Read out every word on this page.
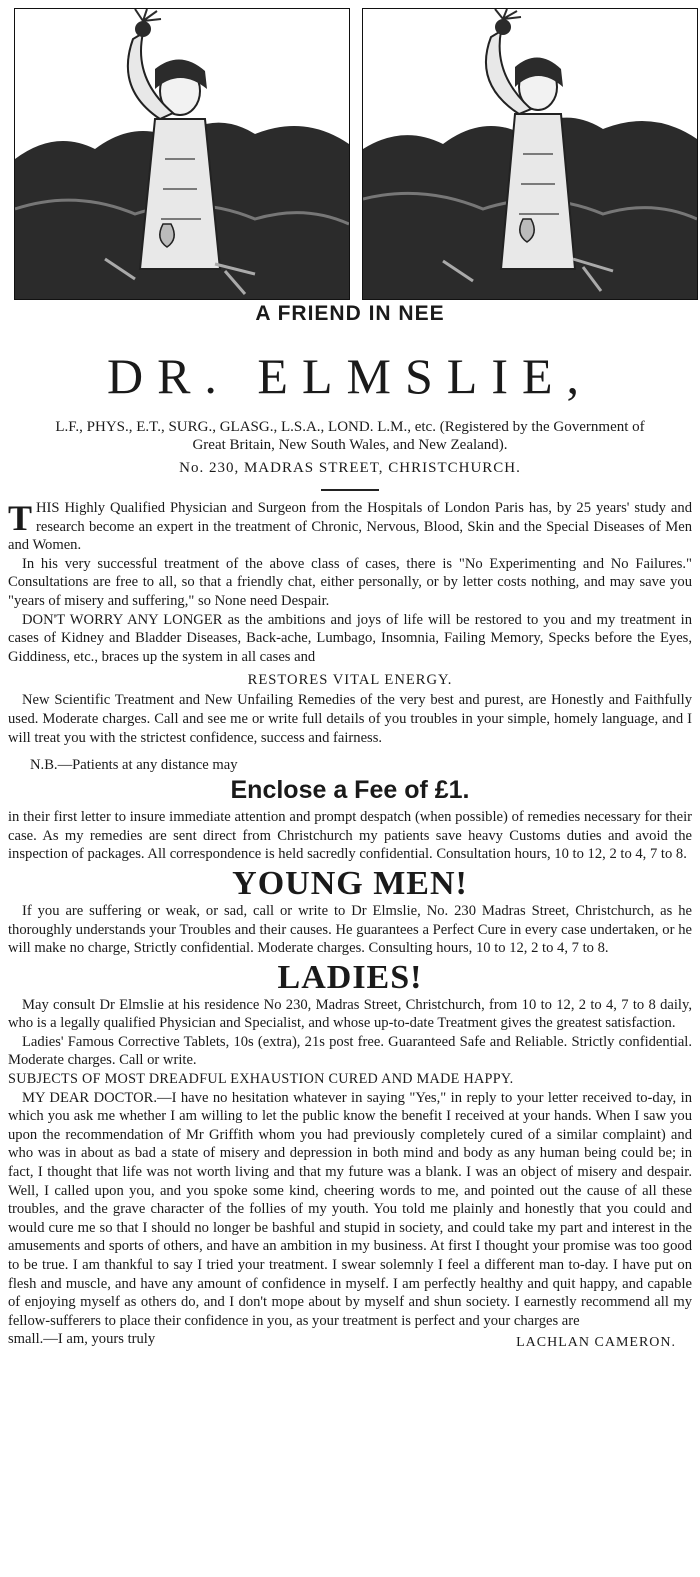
A FRIEND IN NEE
DR. ELMSLIE,
L.F., PHYS., E.T., SURG., GLASG., L.S.A., LOND. L.M., etc. (Registered by the Government of Great Britain, New South Wales, and New Zealand).
No. 230, MADRAS STREET, CHRISTCHURCH.

THIS Highly Qualified Physician and Surgeon from the Hospitals of London Paris has, by 25 years' study and research become an expert in the treatment of Chronic, Nervous, Blood, Skin and the Special Diseases of Men and Women.

In his very successful treatment of the above class of cases, there is "No Experimenting and No Failures." Consultations are free to all, so that a friendly chat, either personally, or by letter costs nothing, and may save you "years of misery and suffering," so None need Despair.

DON'T WORRY ANY LONGER as the ambitions and joys of life will be restored to you and my treatment in cases of Kidney and Bladder Diseases, Back-ache, Lumbago, Insomnia, Failing Memory, Specks before the Eyes, Giddiness, etc., braces up the system in all cases and

RESTORES VITAL ENERGY.

New Scientific Treatment and New Unfailing Remedies of the very best and purest, are Honestly and Faithfully used. Moderate charges. Call and see me or write full details of you troubles in your simple, homely language, and I will treat you with the strictest confidence, success and fairness.

N.B.—Patients at any distance may
Enclose a Fee of £1.

in their first letter to insure immediate attention and prompt despatch (when possible) of remedies necessary for their case. As my remedies are sent direct from Christchurch my patients save heavy Customs duties and avoid the inspection of packages. All correspondence is held sacredly confidential. Consultation hours, 10 to 12, 2 to 4, 7 to 8.

YOUNG MEN!

If you are suffering or weak, or sad, call or write to Dr Elmslie, No. 230 Madras Street, Christchurch, as he thoroughly understands your Troubles and their causes. He guarantees a Perfect Cure in every case undertaken, or he will make no charge, Strictly confidential. Moderate charges. Consulting hours, 10 to 12, 2 to 4, 7 to 8.

LADIES!

May consult Dr Elmslie at his residence No 230, Madras Street, Christchurch, from 10 to 12, 2 to 4, 7 to 8 daily, who is a legally qualified Physician and Specialist, and whose up-to-date Treatment gives the greatest satisfaction.

Ladies' Famous Corrective Tablets, 10s (extra), 21s post free. Guaranteed Safe and Reliable. Strictly confidential. Moderate charges. Call or write.

SUBJECTS OF MOST DREADFUL EXHAUSTION CURED AND MADE HAPPY.

MY DEAR DOCTOR.—I have no hesitation whatever in saying "Yes," in reply to your letter received to-day, in which you ask me whether I am willing to let the public know the benefit I received at your hands. When I saw you upon the recommendation of Mr Griffith whom you had previously completely cured of a similar complaint) and who was in about as bad a state of misery and depression in both mind and body as any human being could be; in fact, I thought that life was not worth living and that my future was a blank. I was an object of misery and despair. Well, I called upon you, and you spoke some kind, cheering words to me, and pointed out the cause of all these troubles, and the grave character of the follies of my youth. You told me plainly and honestly that you could and would cure me so that I should no longer be bashful and stupid in society, and could take my part and interest in the amusements and sports of others, and have an ambition in my business. At first I thought your promise was too good to be true. I am thankful to say I tried your treatment. I swear solemnly I feel a different man to-day. I have put on flesh and muscle, and have any amount of confidence in myself. I am perfectly healthy and quit happy, and capable of enjoying myself as others do, and I don't mope about by myself and shun society. I earnestly recommend all my fellow-sufferers to place their confidence in you, as your treatment is perfect and your charges are

small.—I am, yours truly	LACHLAN CAMERON.
